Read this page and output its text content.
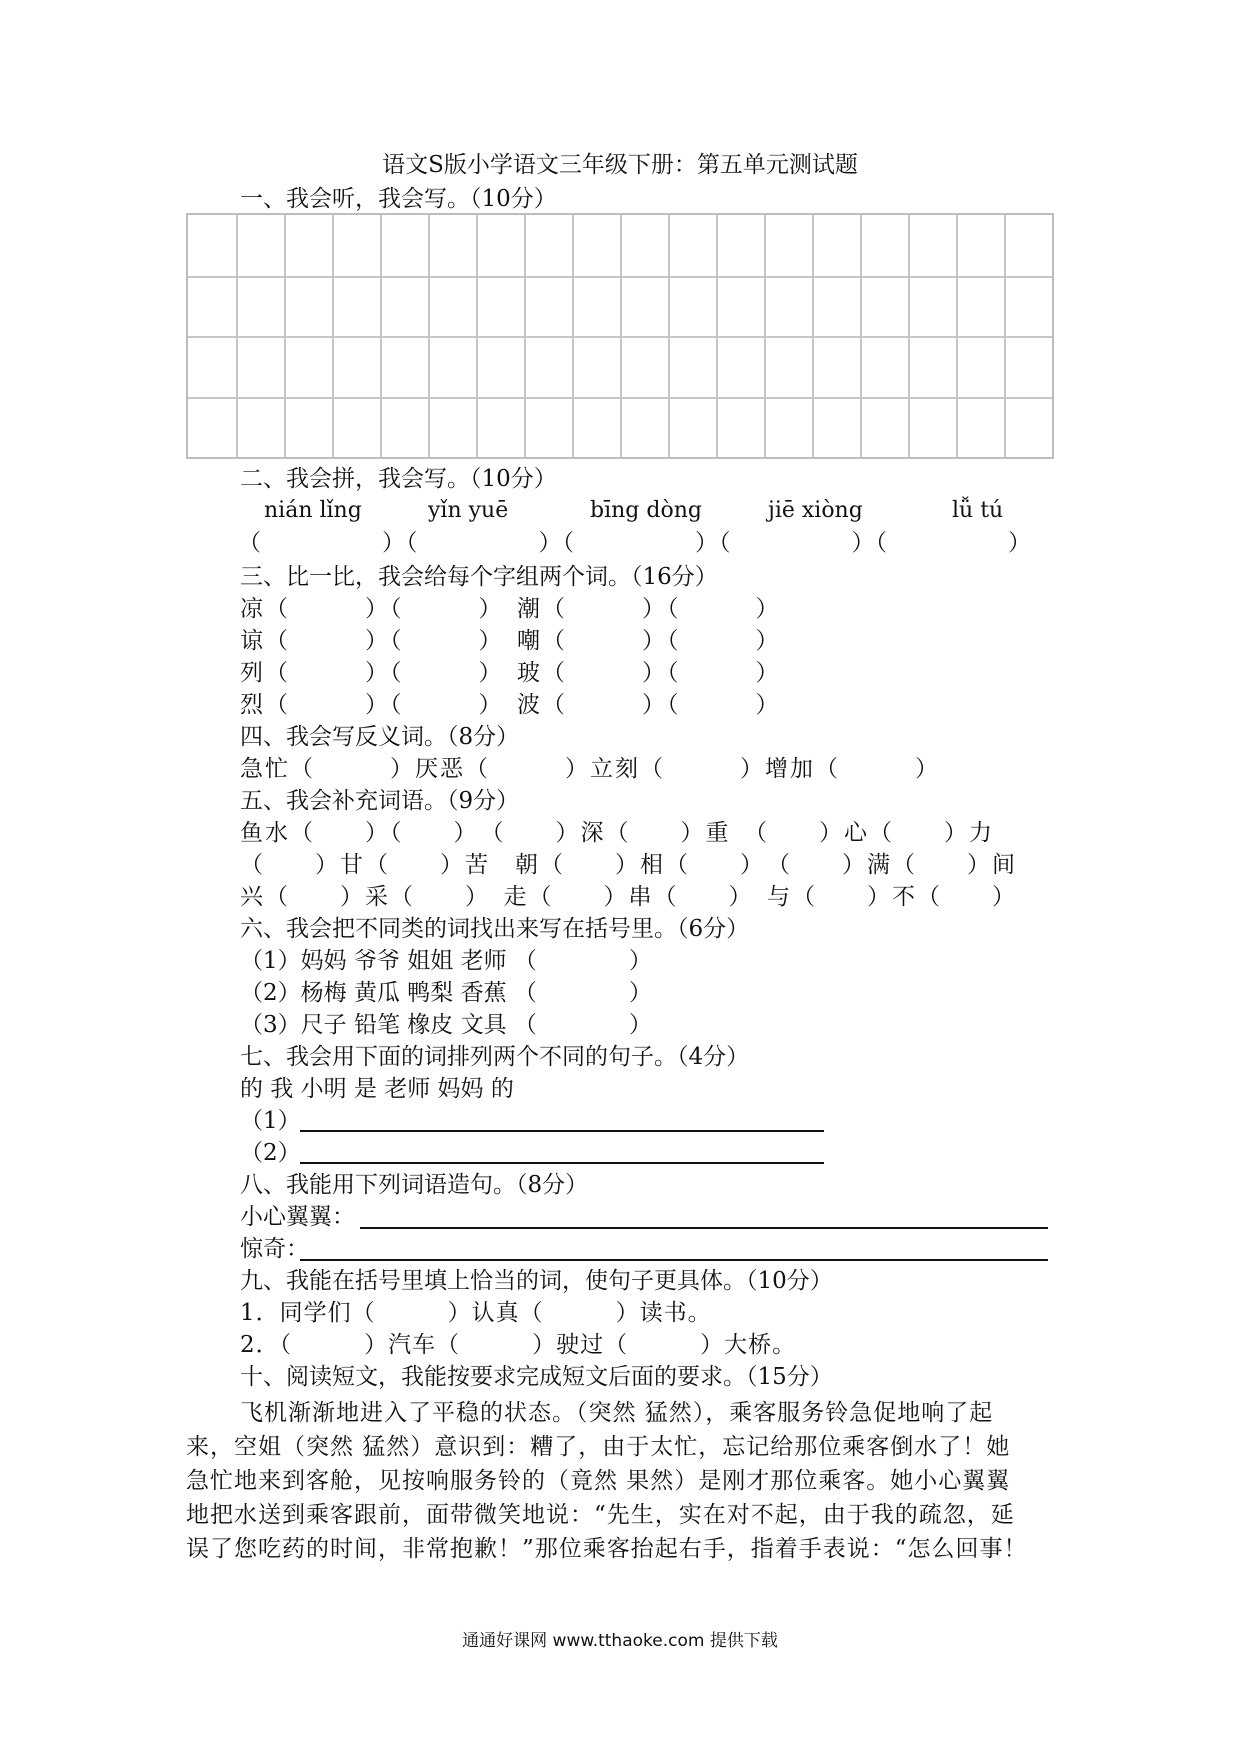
语文S版小学语文三年级下册：第五单元测试题
一、我会听，我会写。（10分）
二、我会拼，我会写。（10分）
nián lǐng	yǐn yuē	bīng dòng	jiē xiòng	lǚ tú
（　　　　　）（　　　　　）（　　　　　）（　　　　　）（　　　　　）
三、比一比，我会给每个字组两个词。（16分）
凉（　　　）（　　　）　潮（　　　）（　　　）
谅（　　　）（　　　）　嘲（　　　）（　　　）
列（　　　）（　　　）　玻（　　　）（　　　）
烈（　　　）（　　　）　波（　　　）（　　　）
四、我会写反义词。（8分）
急忙（　　　）厌恶（　　　）立刻（　　　）增加（　　　）
五、我会补充词语。（9分）
鱼水（　　）（　　）　（　　）深（　　）重　（　　）心（　　）力
（　　）甘（　　）苦　朝（　　）相（　　）　（　　）满（　　）间
兴（　　）采（　　）　走（　　）串（　　）　与（　　）不（　　）
六、我会把不同类的词找出来写在括号里。（6分）
（1）妈妈 爷爷 姐姐 老师 （　　　　）
（2）杨梅 黄瓜 鸭梨 香蕉 （　　　　）
（3）尺子 铅笔 橡皮 文具 （　　　　）
七、我会用下面的词排列两个不同的句子。（4分）
的 我 小明 是 老师 妈妈 的
（1）
（2）
八、我能用下列词语造句。（8分）
小心翼翼：
惊奇：
九、我能在括号里填上恰当的词，使句子更具体。（10分）
1．同学们（　　　）认真（　　　）读书。
2．（　　　）汽车（　　　）驶过（　　　）大桥。
十、阅读短文，我能按要求完成短文后面的要求。（15分）
飞机渐渐地进入了平稳的状态。（突然 猛然），乘客服务铃急促地响了起
来，空姐（突然 猛然）意识到：糟了，由于太忙，忘记给那位乘客倒水了！她
急忙地来到客舱，见按响服务铃的（竟然 果然）是刚才那位乘客。她小心翼翼
地把水送到乘客跟前，面带微笑地说：“先生，实在对不起，由于我的疏忽，延
误了您吃药的时间，非常抱歉！”那位乘客抬起右手，指着手表说：“怎么回事！
通通好课网 www.tthaoke.com 提供下载
